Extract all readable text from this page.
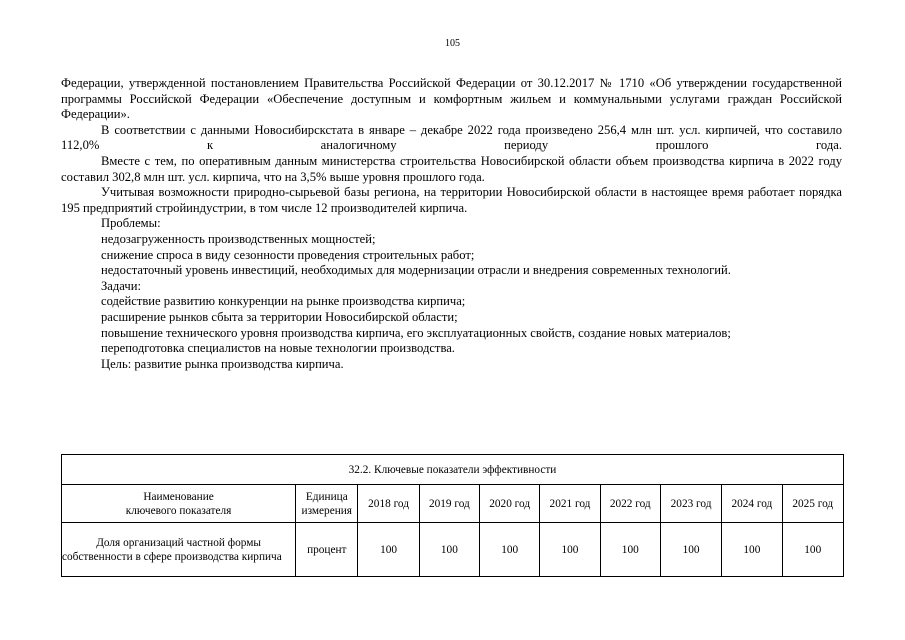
105

Федерации, утвержденной постановлением Правительства Российской Федерации от 30.12.2017 № 1710 «Об утверждении государственной программы Российской Федерации «Обеспечение доступным и комфортным жильем и коммунальными услугами граждан Российской Федерации».

В соответствии с данными Новосибирскстата в январе – декабре 2022 года произведено 256,4 млн шт. усл. кирпичей, что составило 112,0% к аналогичному периоду прошлого года.

Вместе с тем, по оперативным данным министерства строительства Новосибирской области объем производства кирпича в 2022 году составил 302,8 млн шт. усл. кирпича, что на 3,5% выше уровня прошлого года.

Учитывая возможности природно-сырьевой базы региона, на территории Новосибирской области в настоящее время работает порядка 195 предприятий стройиндустрии, в том числе 12 производителей кирпича.

Проблемы:

недозагруженность производственных мощностей;

снижение спроса в виду сезонности проведения строительных работ;

недостаточный уровень инвестиций, необходимых для модернизации отрасли и внедрения современных технологий.

Задачи:

содействие развитию конкуренции на рынке производства кирпича;

расширение рынков сбыта за территории Новосибирской области;

повышение технического уровня производства кирпича, его эксплуатационных свойств, создание новых материалов;

переподготовка специалистов на новые технологии производства.

Цель: развитие рынка производства кирпича.

32.2. Ключевые показатели эффективности									
Наименование ключевого показателя	Единица измерения	2018 год	2019 год	2020 год	2021 год	2022 год	2023 год	2024 год	2025 год
Доля организаций частной формы собственности в сфере производства кирпича	процент	100	100	100	100	100	100	100	100
